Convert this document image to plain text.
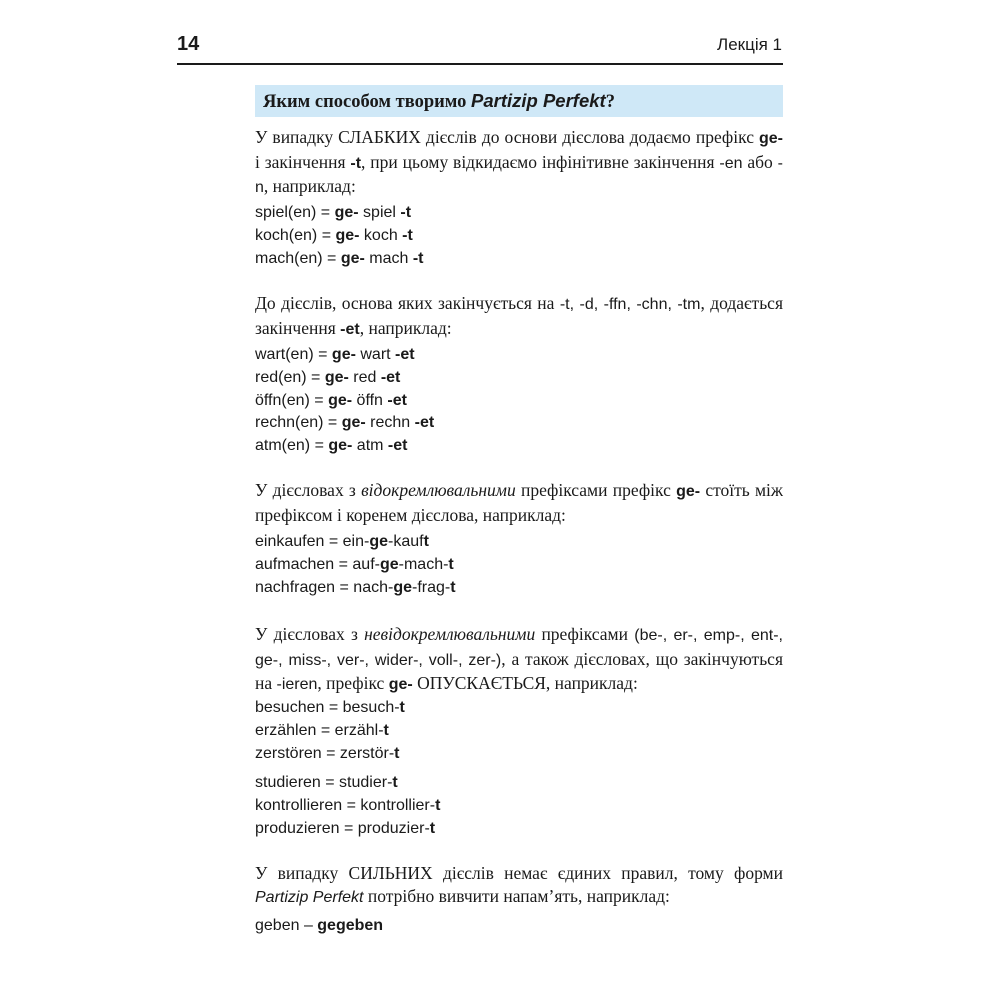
14	Лекція 1
Яким способом творимо Partizip Perfekt?

У випадку СЛАБКИХ дієслів до основи дієслова додаємо префікс ge- і закінчення -t, при цьому відкидаємо інфінітивне закінчення -en або -n, наприклад:

spiel(en) = ge- spiel -t
koch(en) = ge- koch -t
mach(en) = ge- mach -t

До дієслів, основа яких закінчується на -t, -d, -ffn, -chn, -tm, додається закінчення -et, наприклад:

wart(en) = ge- wart -et
red(en) = ge- red -et
öffn(en) = ge- öffn -et
rechn(en) = ge- rechn -et
atm(en) = ge- atm -et

У дієсловах з відокремлювальними префіксами префікс ge- стоїть між префіксом і коренем дієслова, наприклад:

einkaufen = ein-ge-kauft
aufmachen = auf-ge-mach-t
nachfragen = nach-ge-frag-t

У дієсловах з невідокремлювальними префіксами (be-, er-, emp-, ent-, ge-, miss-, ver-, wider-, voll-, zer-), а також дієсловах, що закінчуються на -ieren, префікс ge- ОПУСКАЄТЬСЯ, наприклад:

besuchen = besuch-t
erzählen = erzähl-t
zerstören = zerstör-t
studieren = studier-t
kontrollieren = kontrollier-t
produzieren = produzier-t

У випадку СИЛЬНИХ дієслів немає єдиних правил, тому форми Partizip Perfekt потрібно вивчити напам’ять, наприклад:

geben – gegeben
